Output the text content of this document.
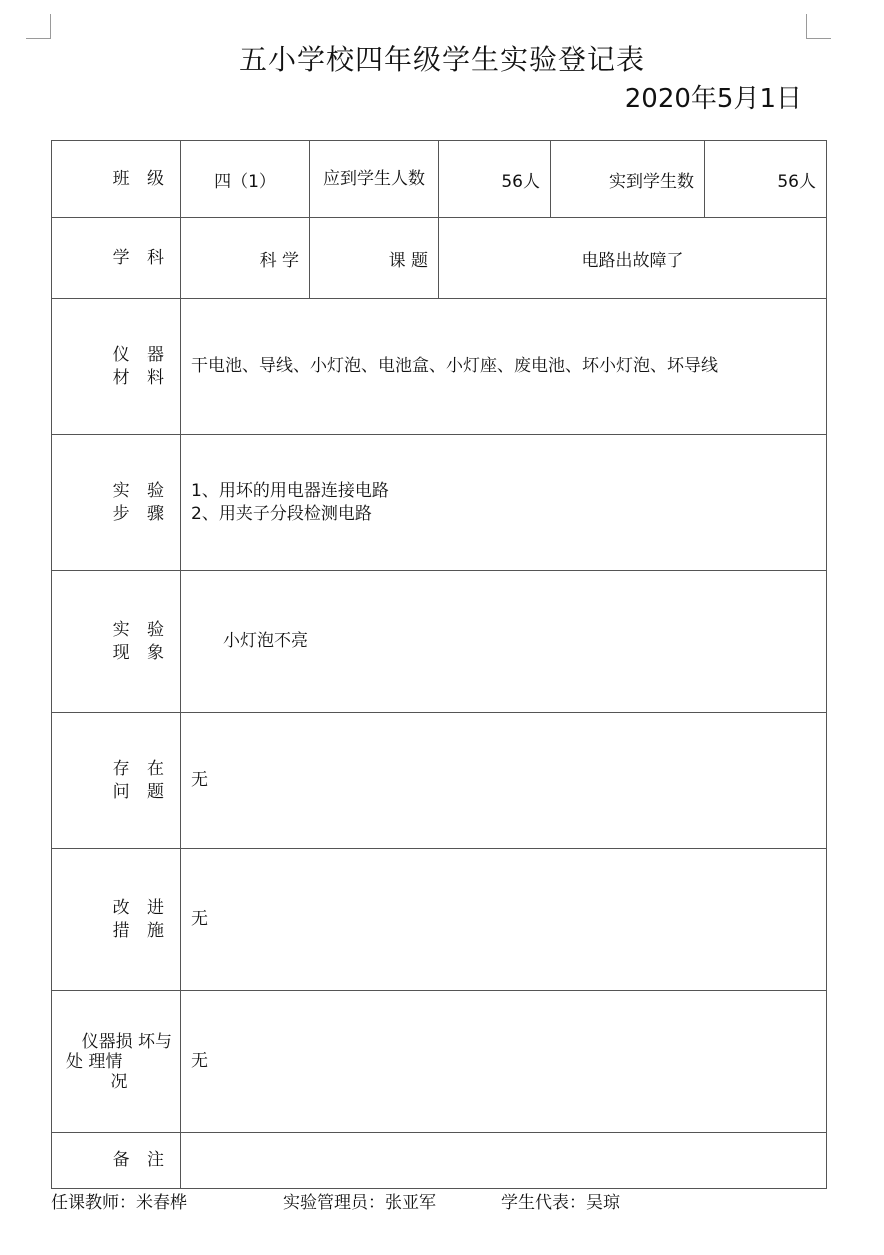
五小学校四年级学生实验登记表
2020年5月1日
班 级	四（1）	应到学生人数	56人	实到学生数	56人
学 科	科 学	课 题	电路出故障了		

仪 器
材 料	干电池、导线、小灯泡、电池盒、小灯座、废电池、坏小灯泡、坏导线				

实 验
步 骤	1、用坏的用电器连接电路
2、用夹子分段检测电路				

实 验
现 象	小灯泡不亮				

存 在
问 题	无				

改 进
措 施	无				

仪器损 坏与
处 理情
况	无				
备 注					
任课教师：米春桦	实验管理员：张亚军	学生代表：吴琼
